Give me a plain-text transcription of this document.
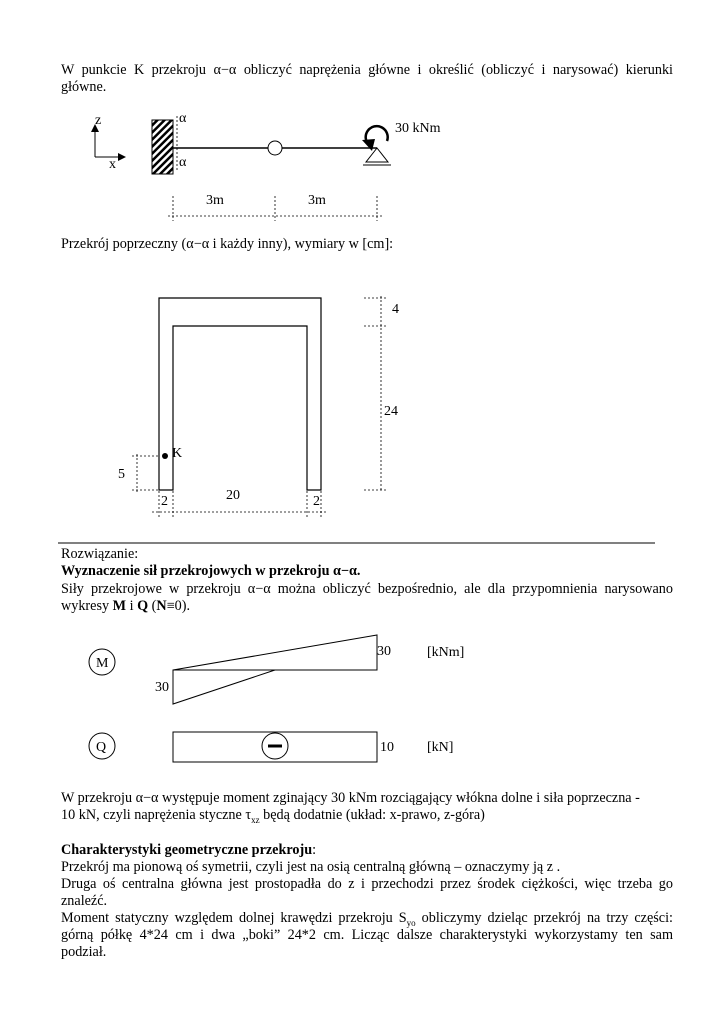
W punkcie K przekroju α−α obliczyć naprężenia główne i określić (obliczyć i narysować) kierunki

główne.

z
x
α
α
30 kNm
3m	3m

Przekrój poprzeczny (α−α i każdy inny), wymiary w [cm]:

K
4
24
5
2	20	2

Rozwiązanie:

Wyznaczenie sił przekrojowych w przekroju α−α.

Siły przekrojowe w przekroju α−α można obliczyć bezpośrednio, ale dla przypomnienia narysowano

wykresy M i Q (N≡0).

M
30
30
[kNm]
Q	10 [kN]

W przekroju α−α występuje moment zginający 30 kNm rozciągający włókna dolne i siła poprzeczna -

10 kN, czyli naprężenia styczne $\tau_{xz}$ będą dodatnie (układ: x-prawo, z-góra)

Charakterystyki geometryczne przekroju:

Przekrój ma pionową oś symetrii, czyli jest na osią centralną główną – oznaczymy ją z .

Druga oś centralna główna jest prostopadła do z i przechodzi przez środek ciężkości, więc trzeba go

znaleźć.

Moment statyczny względem dolnej krawędzi przekroju $S_{yo}$ obliczymy dzieląc przekrój na trzy części:

górną półkę 4*24 cm i dwa „boki” 24*2 cm. Licząc dalsze charakterystyki wykorzystamy ten sam

podział.
